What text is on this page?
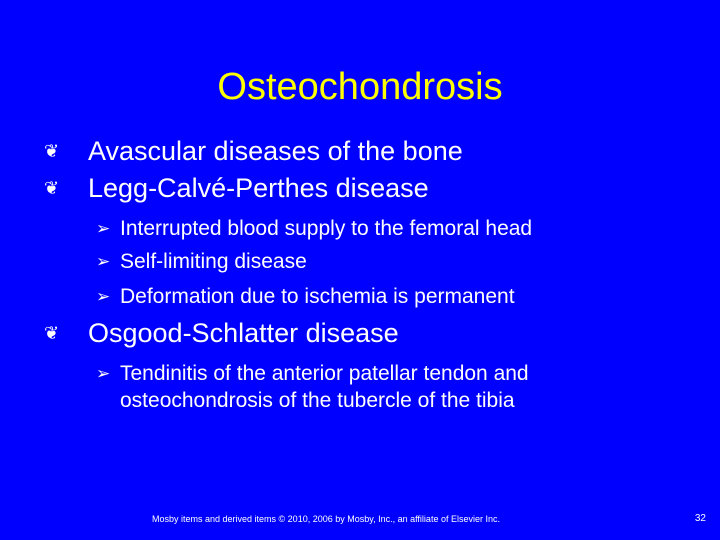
Osteochondrosis
❦ Avascular diseases of the bone
❦ Legg-Calvé-Perthes disease
➢ Interrupted blood supply to the femoral head
➢ Self-limiting disease
➢ Deformation due to ischemia is permanent
❦ Osgood-Schlatter disease
➢ Tendinitis of the anterior patellar tendon and osteochondrosis of the tubercle of the tibia
Mosby items and derived items © 2010, 2006 by Mosby, Inc., an affiliate of Elsevier Inc.	32
